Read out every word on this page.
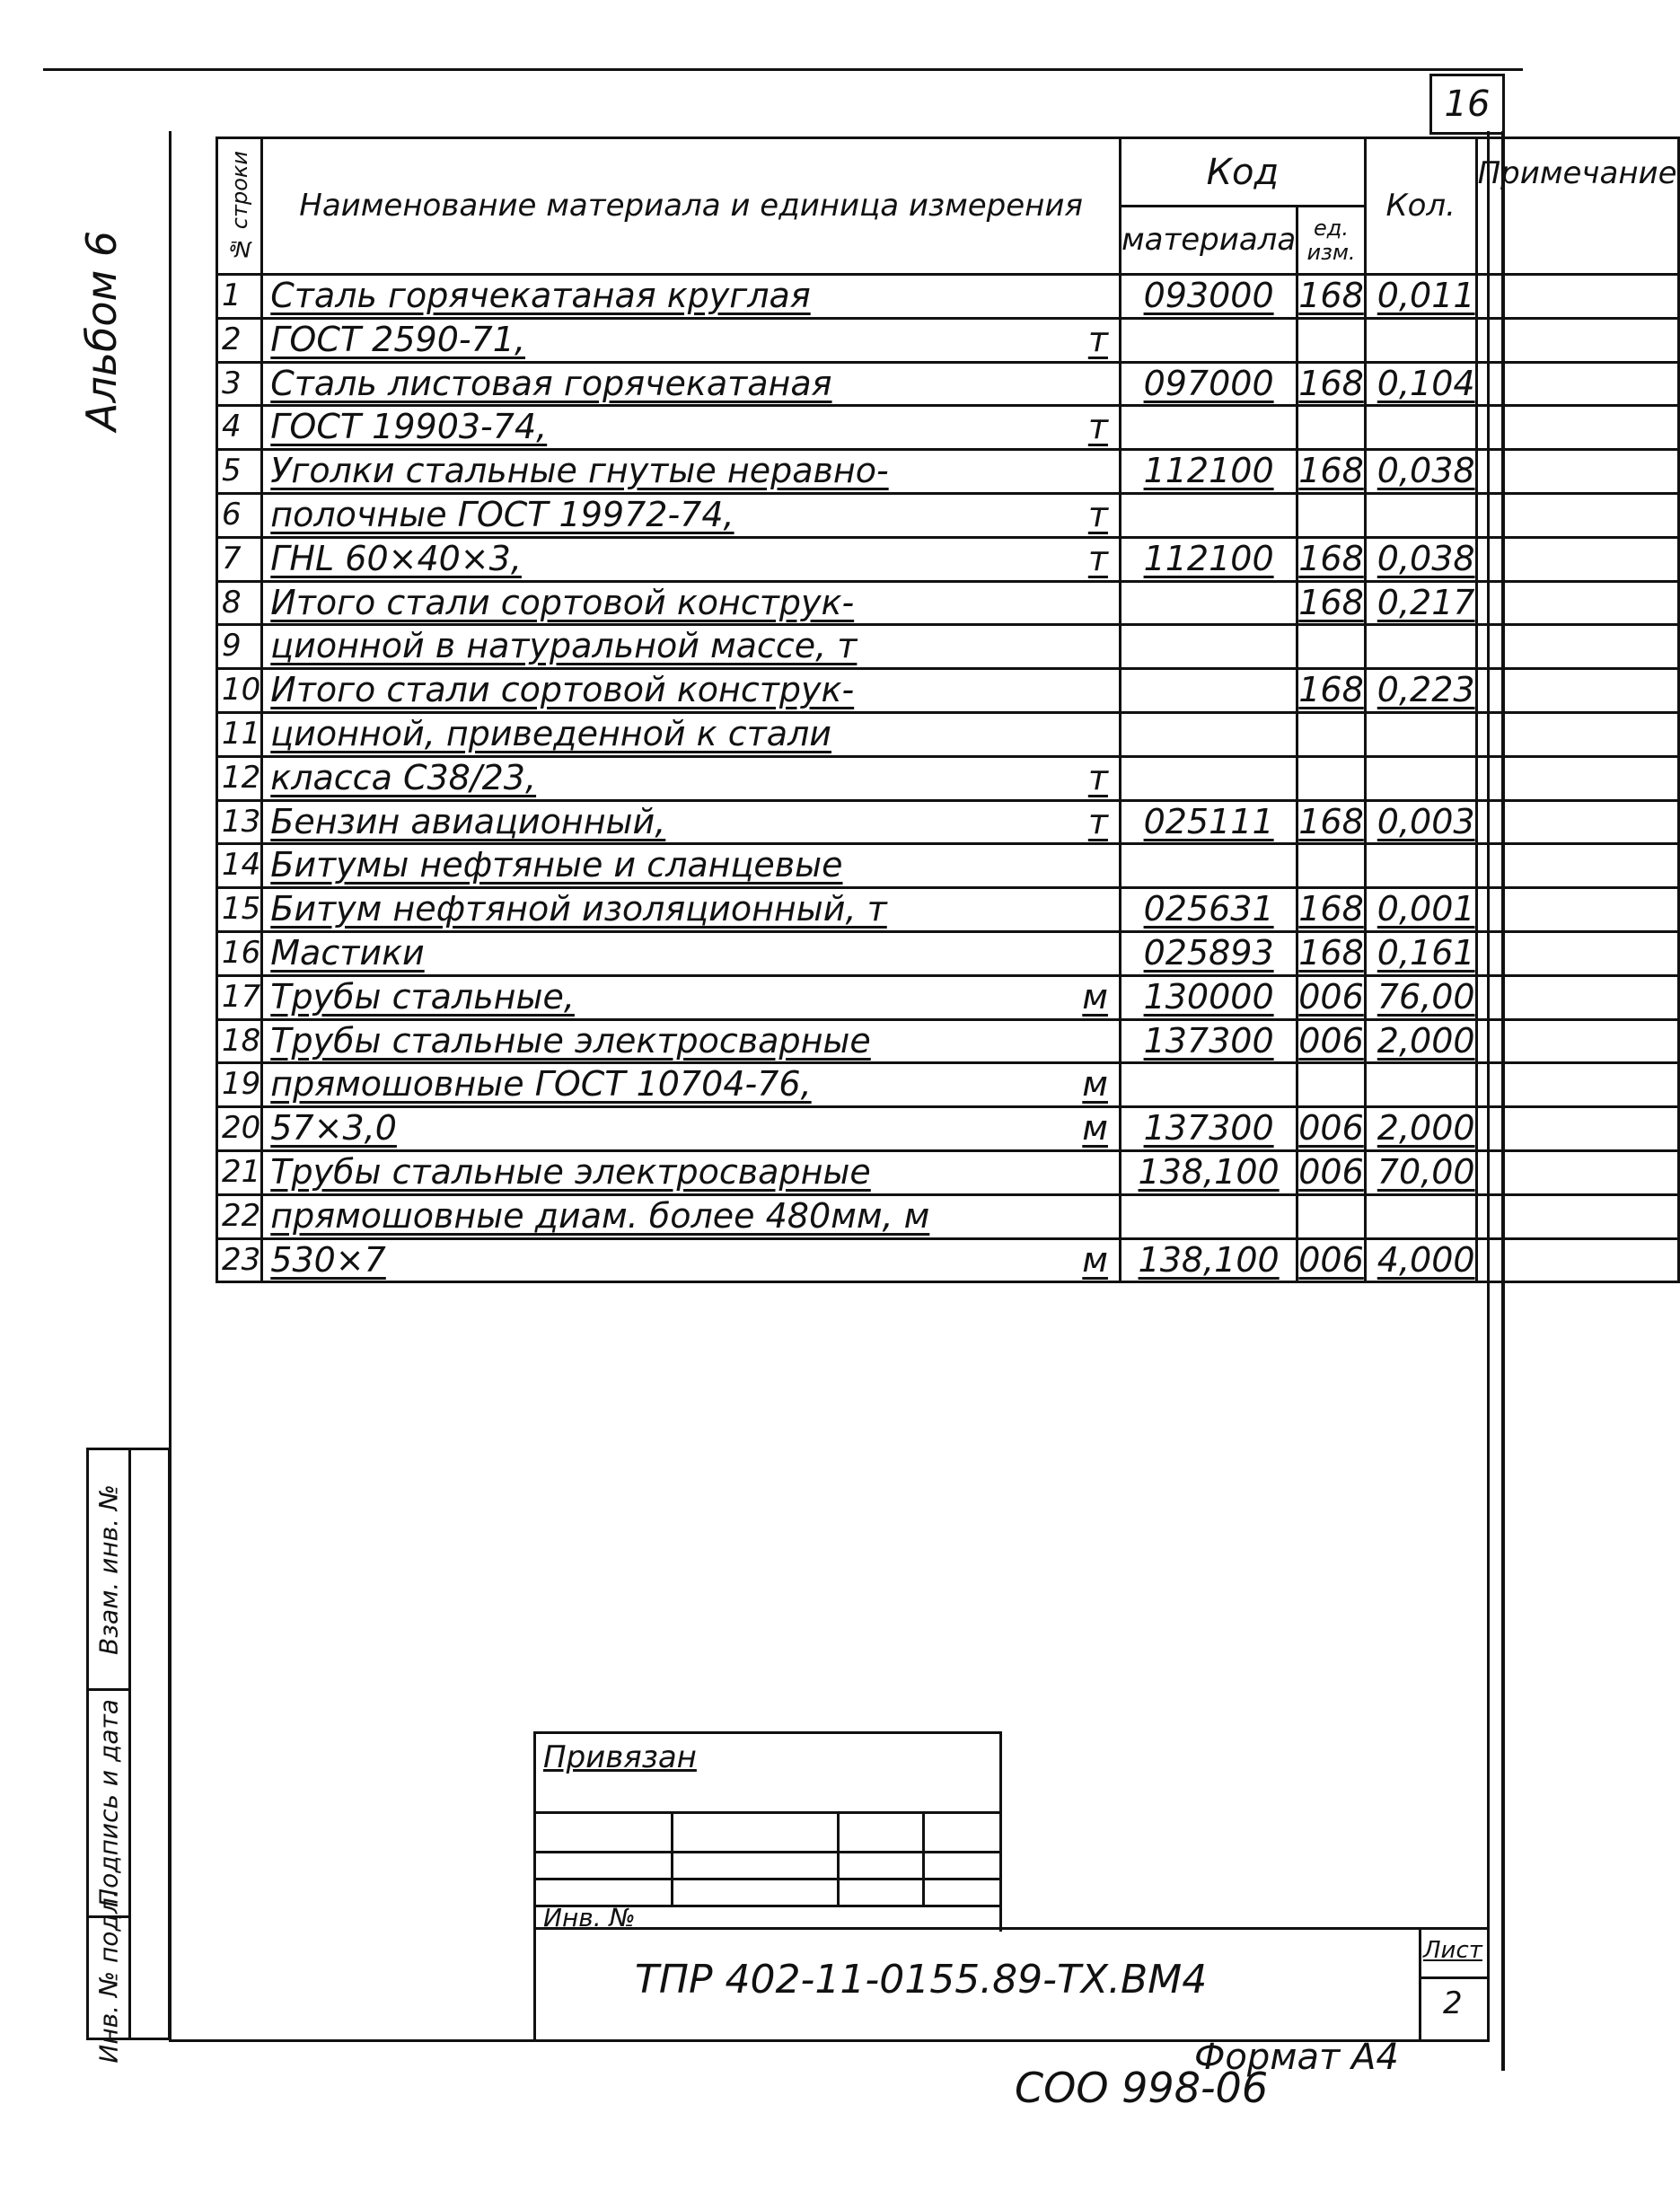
16
Альбом 6
№ строки	Наименование материала и единица измерения	Код		Кол.	Примечание
		материала	ед. изм.		
1	Сталь горячекатаная круглая	093000	168	0,011	
2	ГОСТ 2590-71, т				

3	Сталь листовая горячекатаная	097000	168	0,104	
4	ГОСТ 19903-74, т				

5	Уголки стальные гнутые неравно-	112100	168	0,038	
6	полочные ГОСТ 19972-74, т				

7	ГНL 60×40×3, т	112100	168	0,038	
8	Итого стали сортовой конструк-		168	0,217	
9	ционной в натуральной массе, т				

10	Итого стали сортовой конструк-		168	0,223	
11	ционной, приведенной к стали				

12	класса С38/23, т				

13	Бензин авиационный, т	025111	168	0,003	
14	Битумы нефтяные и сланцевые				

15	Битум нефтяной изоляционный, т	025631	168	0,001	
16	Мастики	025893	168	0,161	
17	Трубы стальные, м	130000	006	76,00	
18	Трубы стальные электросварные	137300	006	2,000	
19	прямошовные ГОСТ 10704-76, м				

20	57×3,0 м	137300	006	2,000	
21	Трубы стальные электросварные	138,100	006	70,00	
22	прямошовные диам. более 480мм, м				

23	530×7 м	138,100	006	4,000	
Взам. инв. №
Подпись и дата
Инв. № подл.
Привязан
Инв. №
ТПР 402-11-0155.89-ТХ.ВМ4
Лист
2
Формат А4
СОО 998-06
